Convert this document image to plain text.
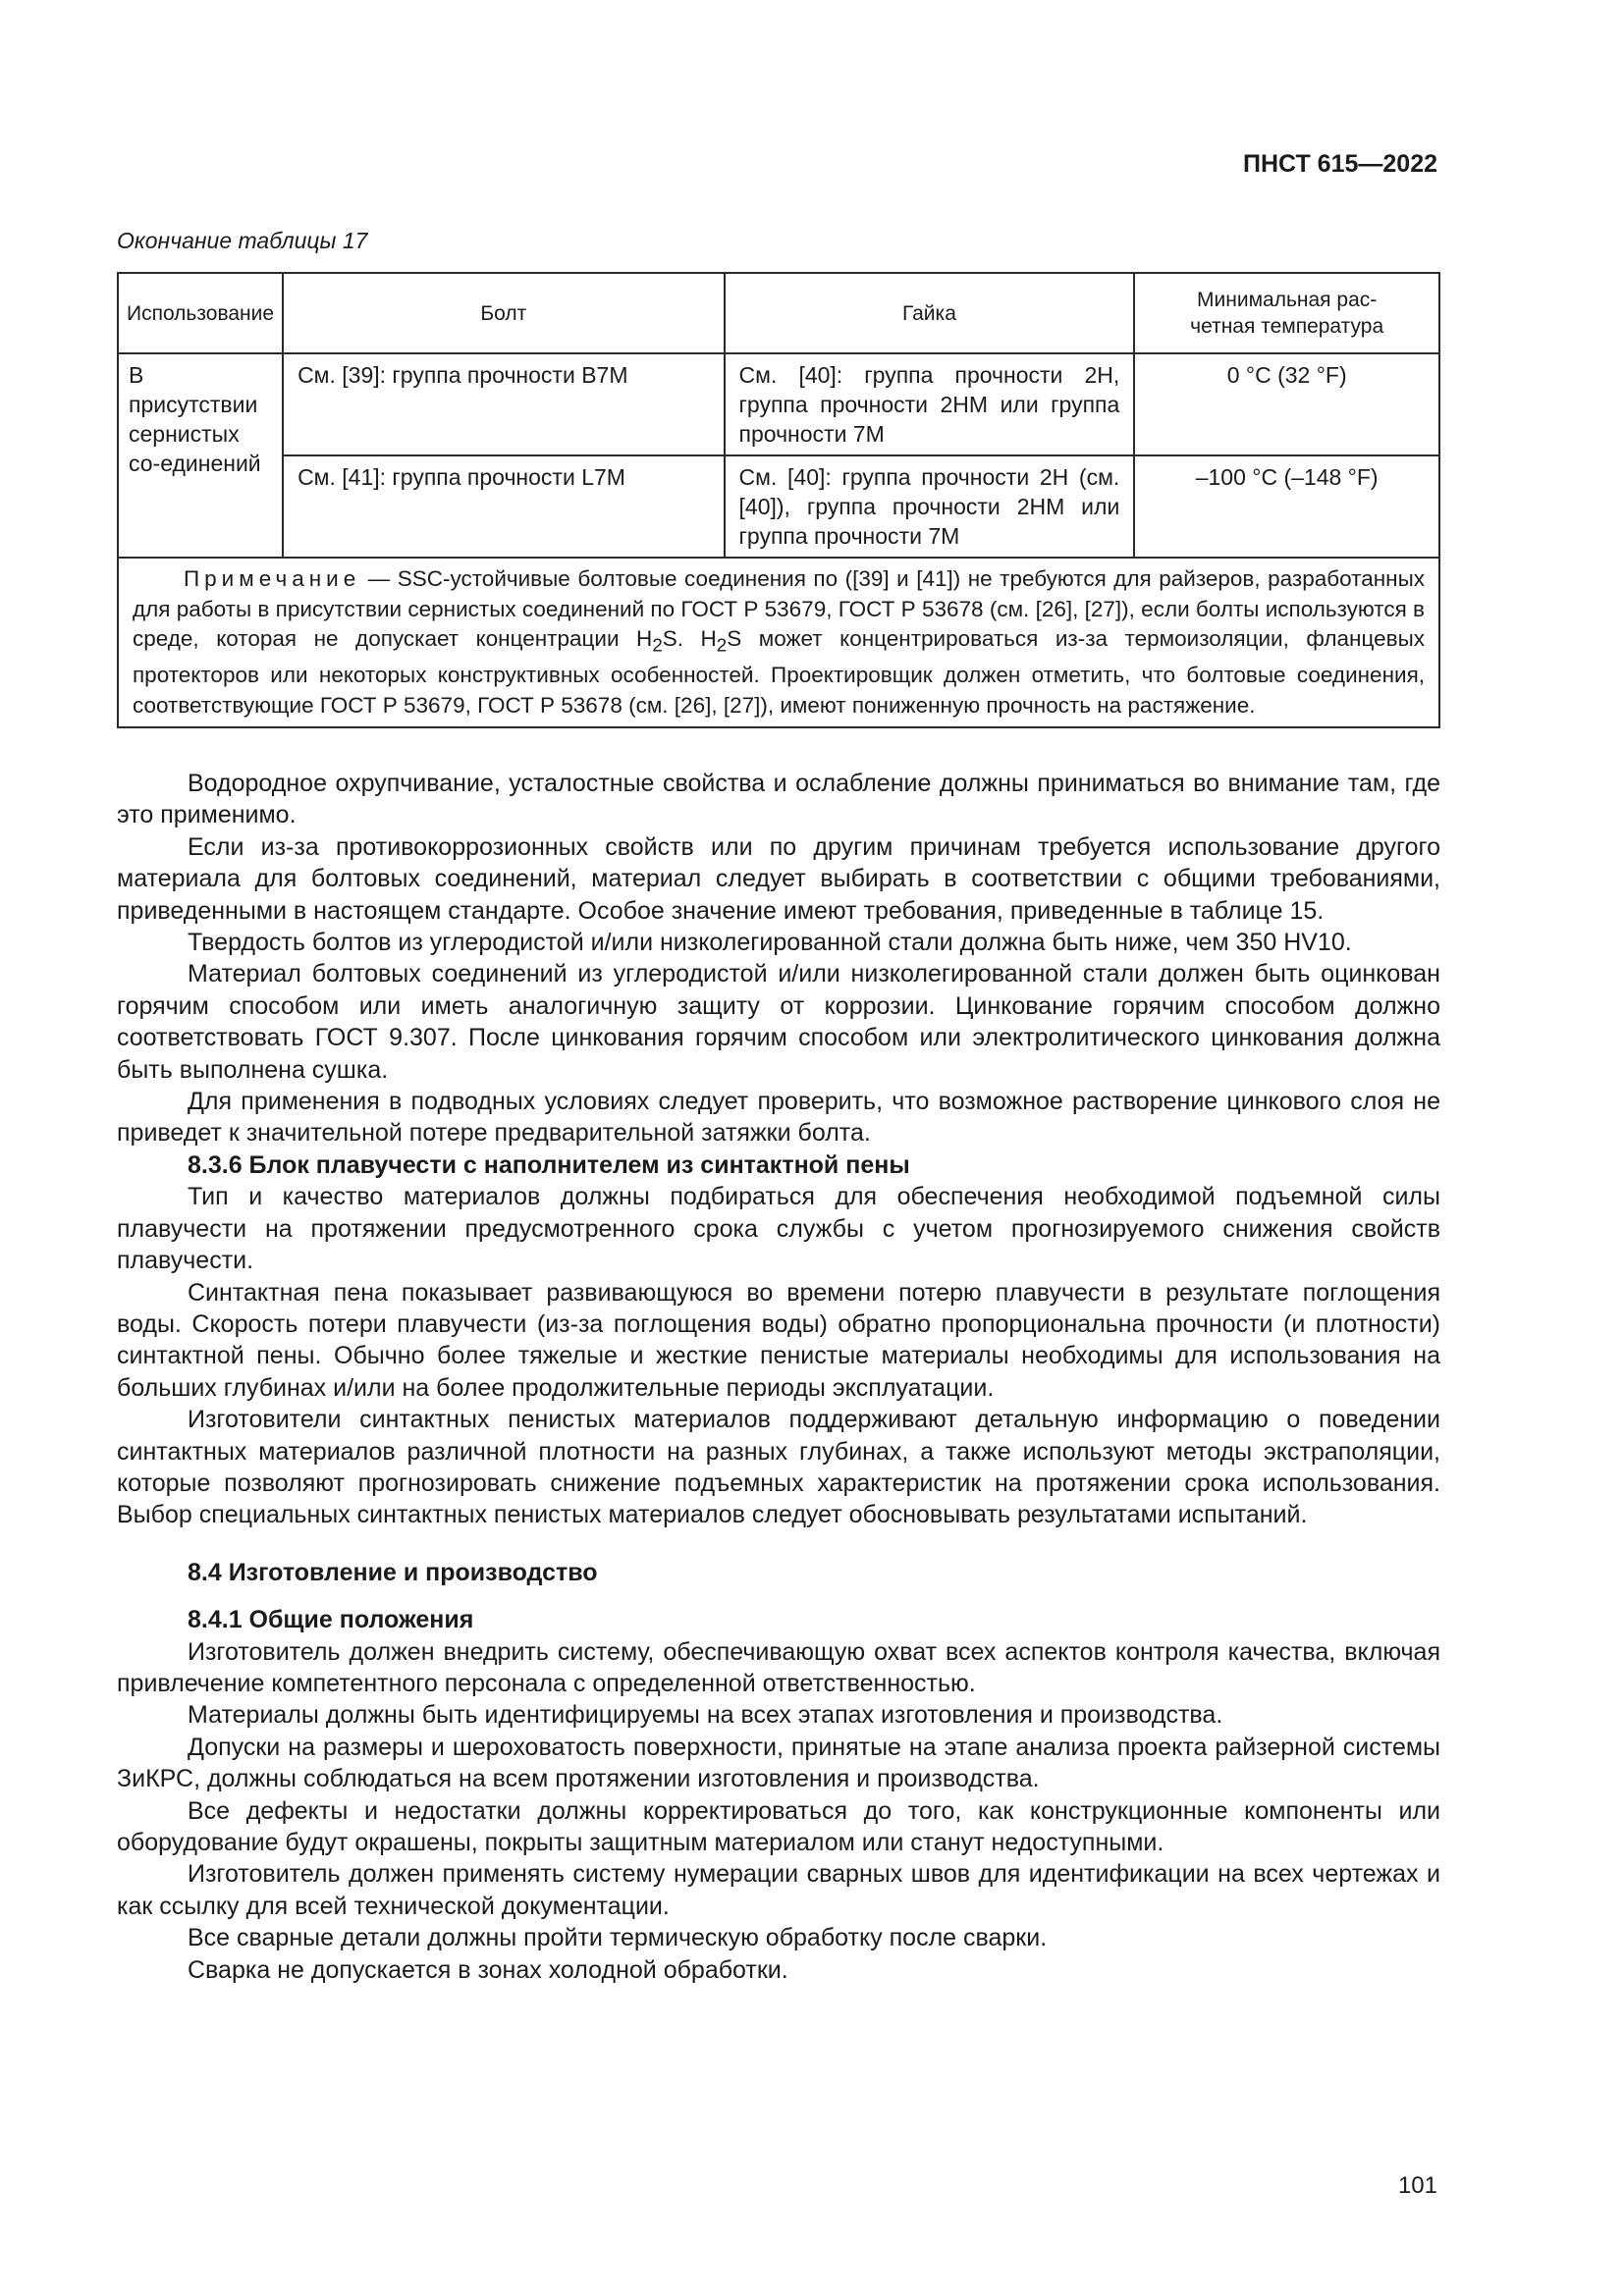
ПНСТ 615—2022
Окончание таблицы 17
Использование	Болт	Гайка	Минимальная рас-
четная температура
В присутствии сернистых со-единений	См. [39]: группа прочности В7М	См. [40]: группа прочности 2Н, группа прочности 2НМ или группа прочности 7М	0 °С (32 °F)
	См. [41]: группа прочности L7M	См. [40]: группа прочности 2Н (см. [40]), группа прочности 2НМ или группа прочности 7М	–100 °С (–148 °F)
Примечание — SSC-устойчивые болтовые соединения по ([39] и [41]) не требуются для райзеров, разработанных для работы в присутствии сернистых соединений по ГОСТ Р 53679, ГОСТ Р 53678 (см. [26], [27]), если болты используются в среде, которая не допускает концентрации $H_2S$. $H_2S$ может концентрироваться из-за термоизоляции, фланцевых протекторов или некоторых конструктивных особенностей. Проектировщик должен отметить, что болтовые соединения, соответствующие ГОСТ Р 53679, ГОСТ Р 53678 (см. [26], [27]), имеют пониженную прочность на растяжение.			

Водородное охрупчивание, усталостные свойства и ослабление должны приниматься во внимание там, где это применимо.

Если из-за противокоррозионных свойств или по другим причинам требуется использование другого материала для болтовых соединений, материал следует выбирать в соответствии с общими требованиями, приведенными в настоящем стандарте. Особое значение имеют требования, приведенные в таблице 15.

Твердость болтов из углеродистой и/или низколегированной стали должна быть ниже, чем 350 HV10.

Материал болтовых соединений из углеродистой и/или низколегированной стали должен быть оцинкован горячим способом или иметь аналогичную защиту от коррозии. Цинкование горячим способом должно соответствовать ГОСТ 9.307. После цинкования горячим способом или электролитического цинкования должна быть выполнена сушка.

Для применения в подводных условиях следует проверить, что возможное растворение цинкового слоя не приведет к значительной потере предварительной затяжки болта.

8.3.6 Блок плавучести с наполнителем из синтактной пены

Тип и качество материалов должны подбираться для обеспечения необходимой подъемной силы плавучести на протяжении предусмотренного срока службы с учетом прогнозируемого снижения свойств плавучести.

Синтактная пена показывает развивающуюся во времени потерю плавучести в результате поглощения воды. Скорость потери плавучести (из-за поглощения воды) обратно пропорциональна прочности (и плотности) синтактной пены. Обычно более тяжелые и жесткие пенистые материалы необходимы для использования на больших глубинах и/или на более продолжительные периоды эксплуатации.

Изготовители синтактных пенистых материалов поддерживают детальную информацию о поведении синтактных материалов различной плотности на разных глубинах, а также используют методы экстраполяции, которые позволяют прогнозировать снижение подъемных характеристик на протяжении срока использования. Выбор специальных синтактных пенистых материалов следует обосновывать результатами испытаний.

8.4 Изготовление и производство
8.4.1 Общие положения

Изготовитель должен внедрить систему, обеспечивающую охват всех аспектов контроля качества, включая привлечение компетентного персонала с определенной ответственностью.

Материалы должны быть идентифицируемы на всех этапах изготовления и производства.

Допуски на размеры и шероховатость поверхности, принятые на этапе анализа проекта райзерной системы ЗиКРС, должны соблюдаться на всем протяжении изготовления и производства.

Все дефекты и недостатки должны корректироваться до того, как конструкционные компоненты или оборудование будут окрашены, покрыты защитным материалом или станут недоступными.

Изготовитель должен применять систему нумерации сварных швов для идентификации на всех чертежах и как ссылку для всей технической документации.

Все сварные детали должны пройти термическую обработку после сварки.

Сварка не допускается в зонах холодной обработки.

101
